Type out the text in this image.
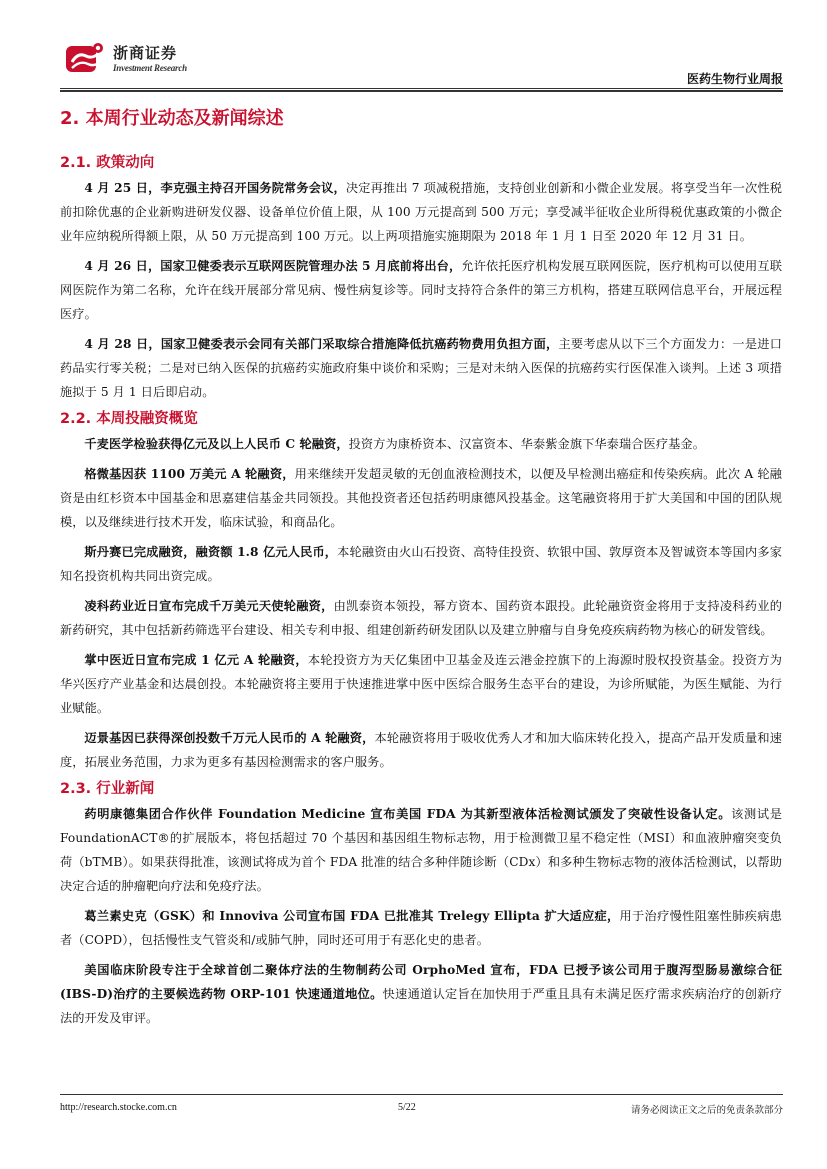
浙商证券
Investment Research
医药生物行业周报
2. 本周行业动态及新闻综述
2.1. 政策动向

4 月 25 日，李克强主持召开国务院常务会议，决定再推出 7 项减税措施，支持创业创新和小微企业发展。将享受当年一次性税前扣除优惠的企业新购进研发仪器、设备单位价值上限，从 100 万元提高到 500 万元；享受减半征收企业所得税优惠政策的小微企业年应纳税所得额上限，从 50 万元提高到 100 万元。以上两项措施实施期限为 2018 年 1 月 1 日至 2020 年 12 月 31 日。

4 月 26 日，国家卫健委表示互联网医院管理办法 5 月底前将出台，允许依托医疗机构发展互联网医院，医疗机构可以使用互联网医院作为第二名称，允许在线开展部分常见病、慢性病复诊等。同时支持符合条件的第三方机构，搭建互联网信息平台，开展远程医疗。

4 月 28 日，国家卫健委表示会同有关部门采取综合措施降低抗癌药物费用负担方面，主要考虑从以下三个方面发力：一是进口药品实行零关税；二是对已纳入医保的抗癌药实施政府集中谈价和采购；三是对未纳入医保的抗癌药实行医保准入谈判。上述 3 项措施拟于 5 月 1 日后即启动。

2.2. 本周投融资概览

千麦医学检验获得亿元及以上人民币 C 轮融资，投资方为康桥资本、汉富资本、华泰紫金旗下华泰瑞合医疗基金。

格微基因获 1100 万美元 A 轮融资，用来继续开发超灵敏的无创血液检测技术，以便及早检测出癌症和传染疾病。此次 A 轮融资是由红杉资本中国基金和思嘉建信基金共同领投。其他投资者还包括药明康德风投基金。这笔融资将用于扩大美国和中国的团队规模，以及继续进行技术开发，临床试验，和商品化。

斯丹赛已完成融资，融资额 1.8 亿元人民币，本轮融资由火山石投资、高特佳投资、软银中国、敦厚资本及智诚资本等国内多家知名投资机构共同出资完成。

凌科药业近日宣布完成千万美元天使轮融资，由凯泰资本领投，幂方资本、国药资本跟投。此轮融资资金将用于支持凌科药业的新药研究，其中包括新药筛选平台建设、相关专利申报、组建创新药研发团队以及建立肿瘤与自身免疫疾病药物为核心的研发管线。

掌中医近日宣布完成 1 亿元 A 轮融资，本轮投资方为天亿集团中卫基金及连云港金控旗下的上海源时股权投资基金。投资方为华兴医疗产业基金和达晨创投。本轮融资将主要用于快速推进掌中医中医综合服务生态平台的建设，为诊所赋能，为医生赋能、为行业赋能。

迈景基因已获得深创投数千万元人民币的 A 轮融资，本轮融资将用于吸收优秀人才和加大临床转化投入，提高产品开发质量和速度，拓展业务范围，力求为更多有基因检测需求的客户服务。

2.3. 行业新闻

药明康德集团合作伙伴 Foundation Medicine 宣布美国 FDA 为其新型液体活检测试颁发了突破性设备认定。该测试是 FoundationACT®的扩展版本，将包括超过 70 个基因和基因组生物标志物，用于检测微卫星不稳定性（MSI）和血液肿瘤突变负荷（bTMB）。如果获得批准，该测试将成为首个 FDA 批准的结合多种伴随诊断（CDx）和多种生物标志物的液体活检测试，以帮助决定合适的肿瘤靶向疗法和免疫疗法。

葛兰素史克（GSK）和 Innoviva 公司宣布国 FDA 已批准其 Trelegy Ellipta 扩大适应症，用于治疗慢性阻塞性肺疾病患者（COPD），包括慢性支气管炎和/或肺气肿，同时还可用于有恶化史的患者。

美国临床阶段专注于全球首创二聚体疗法的生物制药公司 OrphoMed 宣布，FDA 已授予该公司用于腹泻型肠易激综合征(IBS-D)治疗的主要候选药物 ORP-101 快速通道地位。快速通道认定旨在加快用于严重且具有未满足医疗需求疾病治疗的创新疗法的开发及审评。

http://research.stocke.com.cn	5/22	请务必阅读正文之后的免责条款部分
